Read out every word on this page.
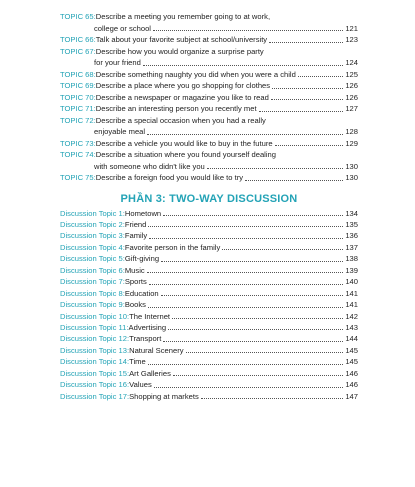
TOPIC 65: Describe a meeting you remember going to at work,
college or school	121
TOPIC 66: Talk about your favorite subject at school/university	123
TOPIC 67: Describe how you would organize a surprise party
for your friend	124
TOPIC 68: Describe something naughty you did when you were a child	125
TOPIC 69: Describe a place where you go shopping for clothes	126
TOPIC 70: Describe a newspaper or magazine you like to read	126
TOPIC 71: Describe an interesting person you recently met	127
TOPIC 72: Describe a special occasion when you had a really
enjoyable meal	128
TOPIC 73: Describe a vehicle you would like to buy in the future	129
TOPIC 74: Describe a situation where you found yourself dealing
with someone who didn't like you	130
TOPIC 75: Describe a foreign food you would like to try	130
PHẦN 3: TWO-WAY DISCUSSION
Discussion Topic 1: Hometown	134
Discussion Topic 2: Friend	135
Discussion Topic 3: Family	136
Discussion Topic 4: Favorite person in the family	137
Discussion Topic 5: Gift-giving	138
Discussion Topic 6: Music	139
Discussion Topic 7: Sports	140
Discussion Topic 8: Education	141
Discussion Topic 9: Books	141
Discussion Topic 10: The Internet	142
Discussion Topic 11: Advertising	143
Discussion Topic 12: Transport	144
Discussion Topic 13: Natural Scenery	145
Discussion Topic 14: Time	145
Discussion Topic 15: Art Galleries	146
Discussion Topic 16: Values	146
Discussion Topic 17: Shopping at markets	147
